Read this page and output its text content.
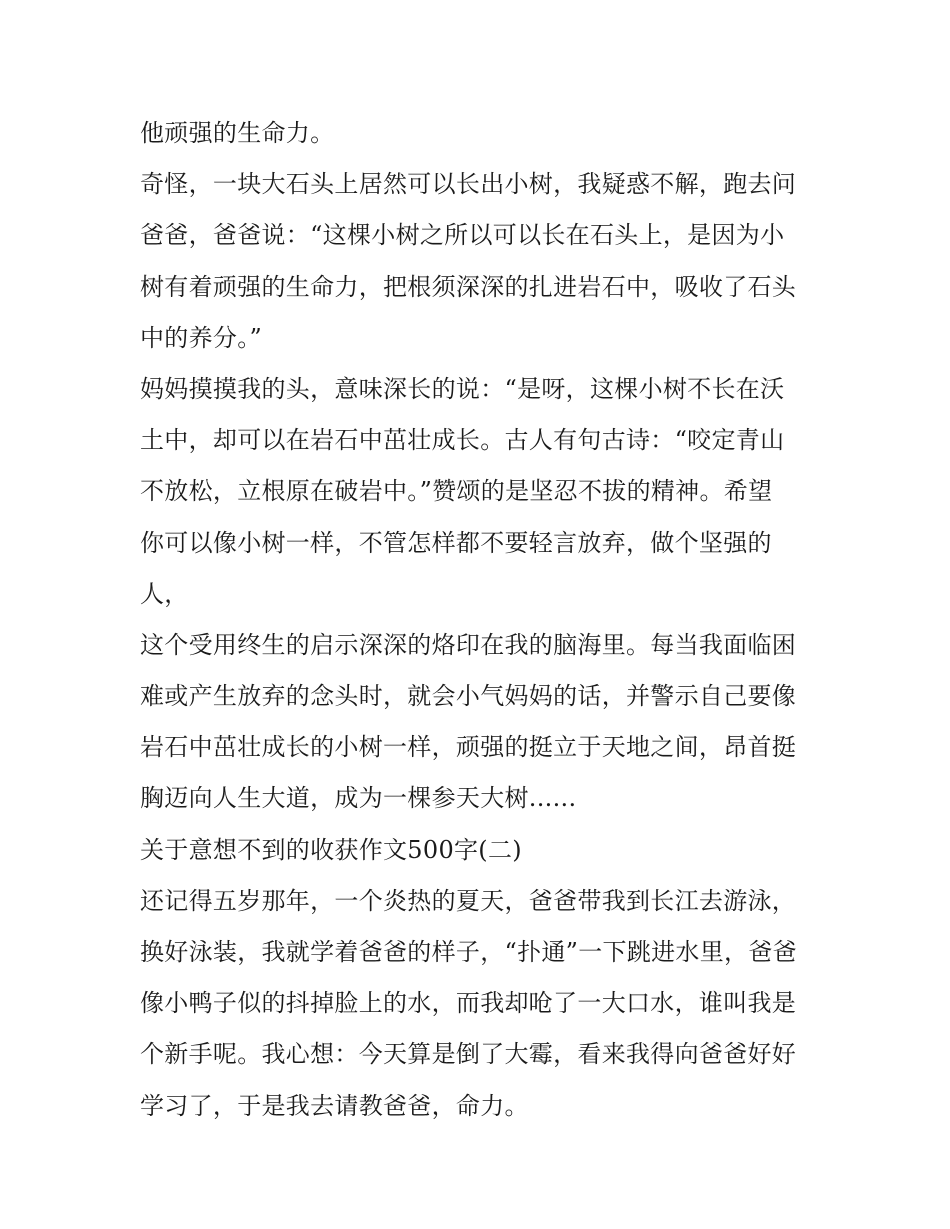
他顽强的生命力。
奇怪，一块大石头上居然可以长出小树，我疑惑不解，跑去问
爸爸，爸爸说：“这棵小树之所以可以长在石头上，是因为小
树有着顽强的生命力，把根须深深的扎进岩石中，吸收了石头
中的养分。”
妈妈摸摸我的头，意味深长的说：“是呀，这棵小树不长在沃
土中，却可以在岩石中茁壮成长。古人有句古诗：“咬定青山
不放松，立根原在破岩中。”赞颂的是坚忍不拔的精神。希望
你可以像小树一样，不管怎样都不要轻言放弃，做个坚强的
人，
这个受用终生的启示深深的烙印在我的脑海里。每当我面临困
难或产生放弃的念头时，就会小气妈妈的话，并警示自己要像
岩石中茁壮成长的小树一样，顽强的挺立于天地之间，昂首挺
胸迈向人生大道，成为一棵参天大树......
关于意想不到的收获作文500字(二)
还记得五岁那年，一个炎热的夏天，爸爸带我到长江去游泳，
换好泳装，我就学着爸爸的样子，“扑通”一下跳进水里，爸爸
像小鸭子似的抖掉脸上的水，而我却呛了一大口水，谁叫我是
个新手呢。我心想：今天算是倒了大霉，看来我得向爸爸好好
学习了，于是我去请教爸爸，命力。
